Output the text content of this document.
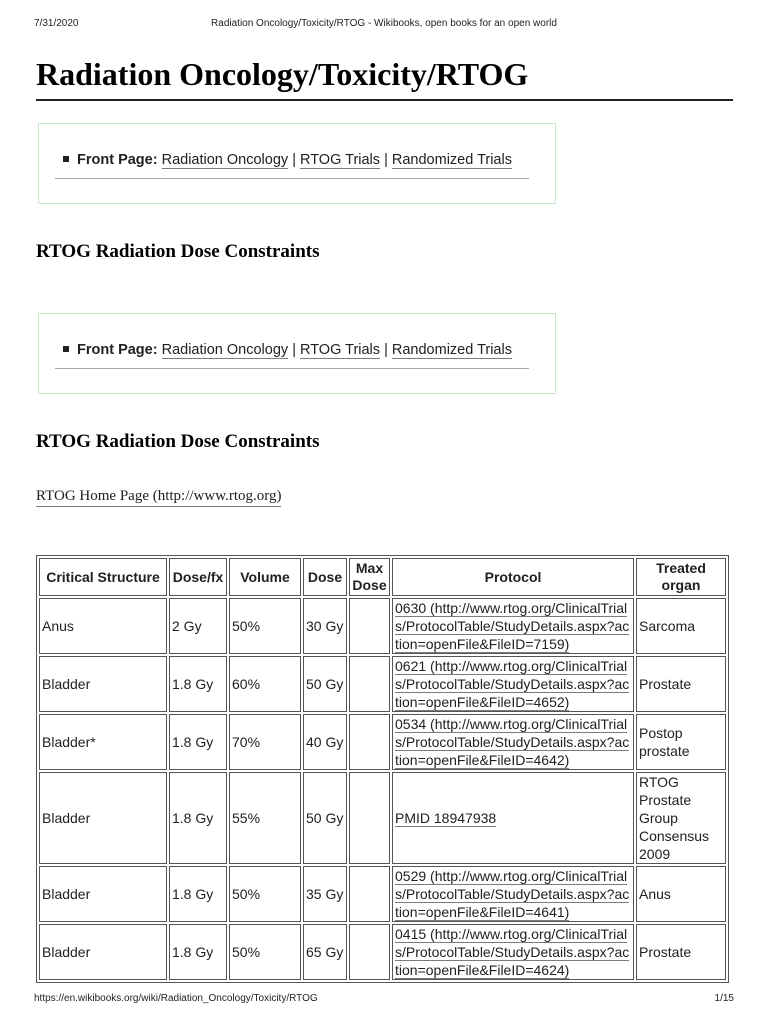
7/31/2020	Radiation Oncology/Toxicity/RTOG - Wikibooks, open books for an open world
Radiation Oncology/Toxicity/RTOG
Front Page: Radiation Oncology | RTOG Trials | Randomized Trials
RTOG Radiation Dose Constraints
Front Page: Radiation Oncology | RTOG Trials | Randomized Trials
RTOG Radiation Dose Constraints
RTOG Home Page (http://www.rtog.org)
Critical Structure	Dose/fx	Volume	Dose	Max Dose	Protocol	Treated organ
Anus	2 Gy	50%	30 Gy		0630 (http://www.rtog.org/ClinicalTrials/ProtocolTable/StudyDetails.aspx?action=openFile&FileID=7159)	Sarcoma
Bladder	1.8 Gy	60%	50 Gy		0621 (http://www.rtog.org/ClinicalTrials/ProtocolTable/StudyDetails.aspx?action=openFile&FileID=4652)	Prostate
Bladder*	1.8 Gy	70%	40 Gy		0534 (http://www.rtog.org/ClinicalTrials/ProtocolTable/StudyDetails.aspx?action=openFile&FileID=4642)	Postop prostate
Bladder	1.8 Gy	55%	50 Gy		PMID 18947938	RTOG Prostate Group Consensus 2009
Bladder	1.8 Gy	50%	35 Gy		0529 (http://www.rtog.org/ClinicalTrials/ProtocolTable/StudyDetails.aspx?action=openFile&FileID=4641)	Anus
Bladder	1.8 Gy	50%	65 Gy		0415 (http://www.rtog.org/ClinicalTrials/ProtocolTable/StudyDetails.aspx?action=openFile&FileID=4624)	Prostate
https://en.wikibooks.org/wiki/Radiation_Oncology/Toxicity/RTOG	1/15
